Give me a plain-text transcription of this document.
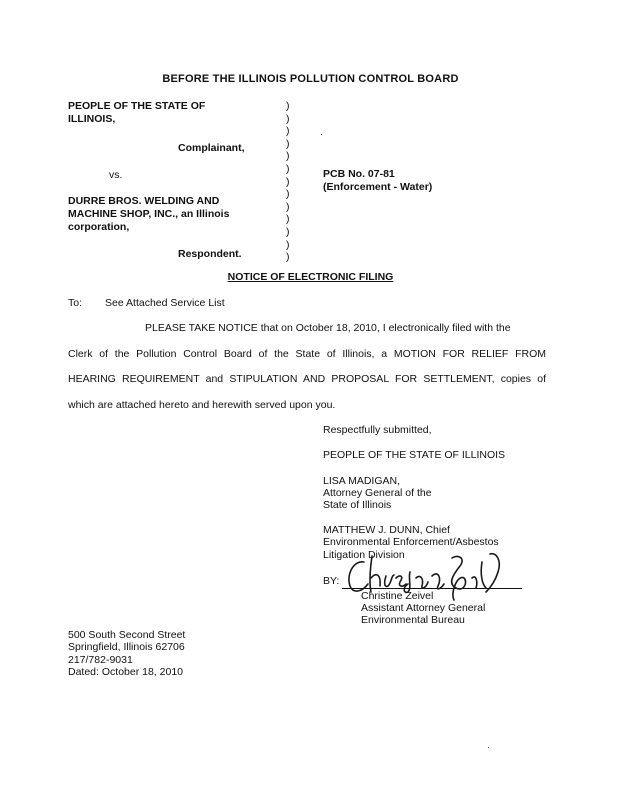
BEFORE THE ILLINOIS POLLUTION CONTROL BOARD
PEOPLE OF THE STATE OF
ILLINOIS,
Complainant,
vs.
DURRE BROS. WELDING AND
MACHINE SHOP, INC., an Illinois
corporation,
Respondent.
)
)
)
)
)
)
)
)
)
)
)
)
)
PCB No. 07-81
(Enforcement - Water)
NOTICE OF ELECTRONIC FILING
To: See Attached Service List
PLEASE TAKE NOTICE that on October 18, 2010, I electronically filed with the
Clerk of the Pollution Control Board of the State of Illinois, a MOTION FOR RELIEF FROM
HEARING REQUIREMENT and STIPULATION AND PROPOSAL FOR SETTLEMENT, copies of
which are attached hereto and herewith served upon you.
Respectfully submitted,
PEOPLE OF THE STATE OF ILLINOIS
LISA MADIGAN,
Attorney General of the
State of Illinois
MATTHEW J. DUNN, Chief
Environmental Enforcement/Asbestos
Litigation Division
BY:
Christine Zeivel
Assistant Attorney General
Environmental Bureau
500 South Second Street
Springfield, Illinois 62706
217/782-9031
Dated: October 18, 2010
